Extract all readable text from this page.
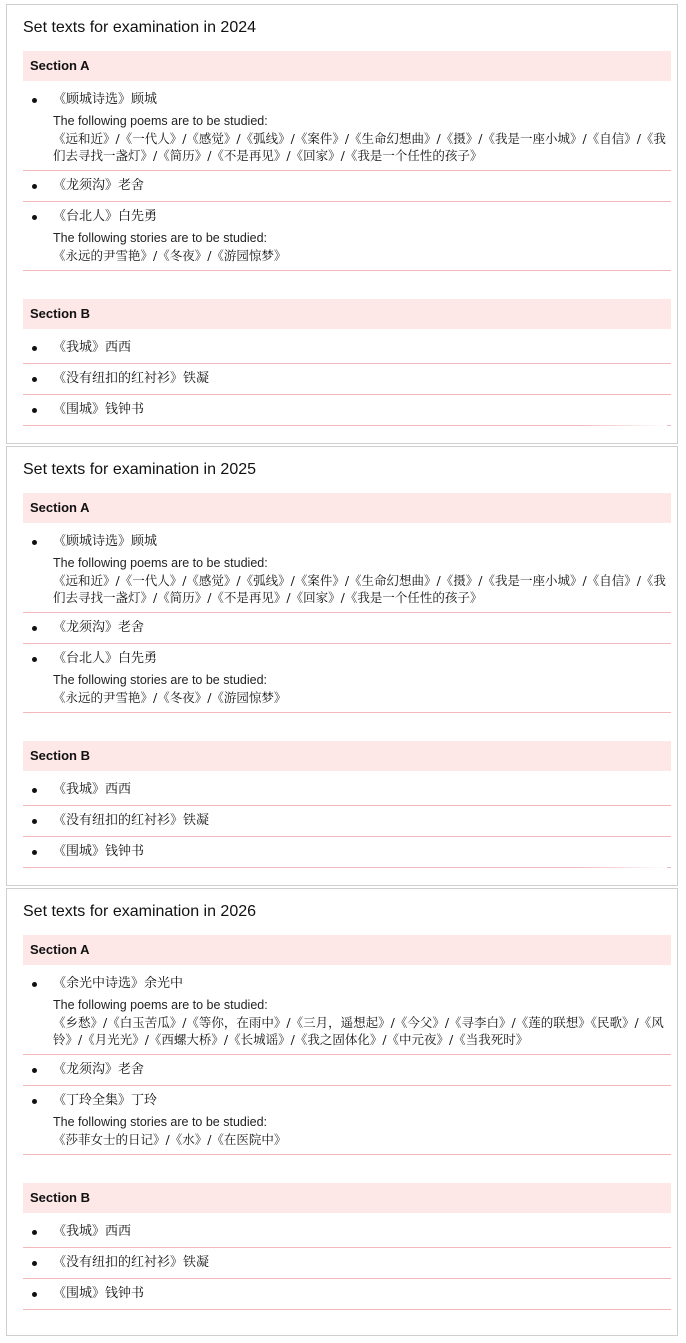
Set texts for examination in 2024
Section A
《顾城诗选》顾城
The following poems are to be studied:
《远和近》/《一代人》/《感觉》/《弧线》/《案件》/《生命幻想曲》/《摄》/《我是一座小城》/《自信》/《我们去寻找一盏灯》/《简历》/《不是再见》/《回家》/《我是一个任性的孩子》
《龙须沟》老舍
《台北人》白先勇
The following stories are to be studied:
《永远的尹雪艳》/《冬夜》/《游园惊梦》
Section B
《我城》西西
《没有纽扣的红衬衫》铁凝
《围城》钱钟书
Set texts for examination in 2025
Section A
《顾城诗选》顾城
The following poems are to be studied:
《远和近》/《一代人》/《感觉》/《弧线》/《案件》/《生命幻想曲》/《摄》/《我是一座小城》/《自信》/《我们去寻找一盏灯》/《简历》/《不是再见》/《回家》/《我是一个任性的孩子》
《龙须沟》老舍
《台北人》白先勇
The following stories are to be studied:
《永远的尹雪艳》/《冬夜》/《游园惊梦》
Section B
《我城》西西
《没有纽扣的红衬衫》铁凝
《围城》钱钟书
Set texts for examination in 2026
Section A
《余光中诗选》余光中
The following poems are to be studied:
《乡愁》/《白玉苦瓜》/《等你，在雨中》/《三月，遥想起》/《今父》/《寻李白》/《莲的联想》《民歌》/《风铃》/《月光光》/《西螺大桥》/《长城谣》/《我之固体化》/《中元夜》/《当我死时》
《龙须沟》老舍
《丁玲全集》丁玲
The following stories are to be studied:
《莎菲女士的日记》/《水》/《在医院中》
Section B
《我城》西西
《没有纽扣的红衬衫》铁凝
《围城》钱钟书
